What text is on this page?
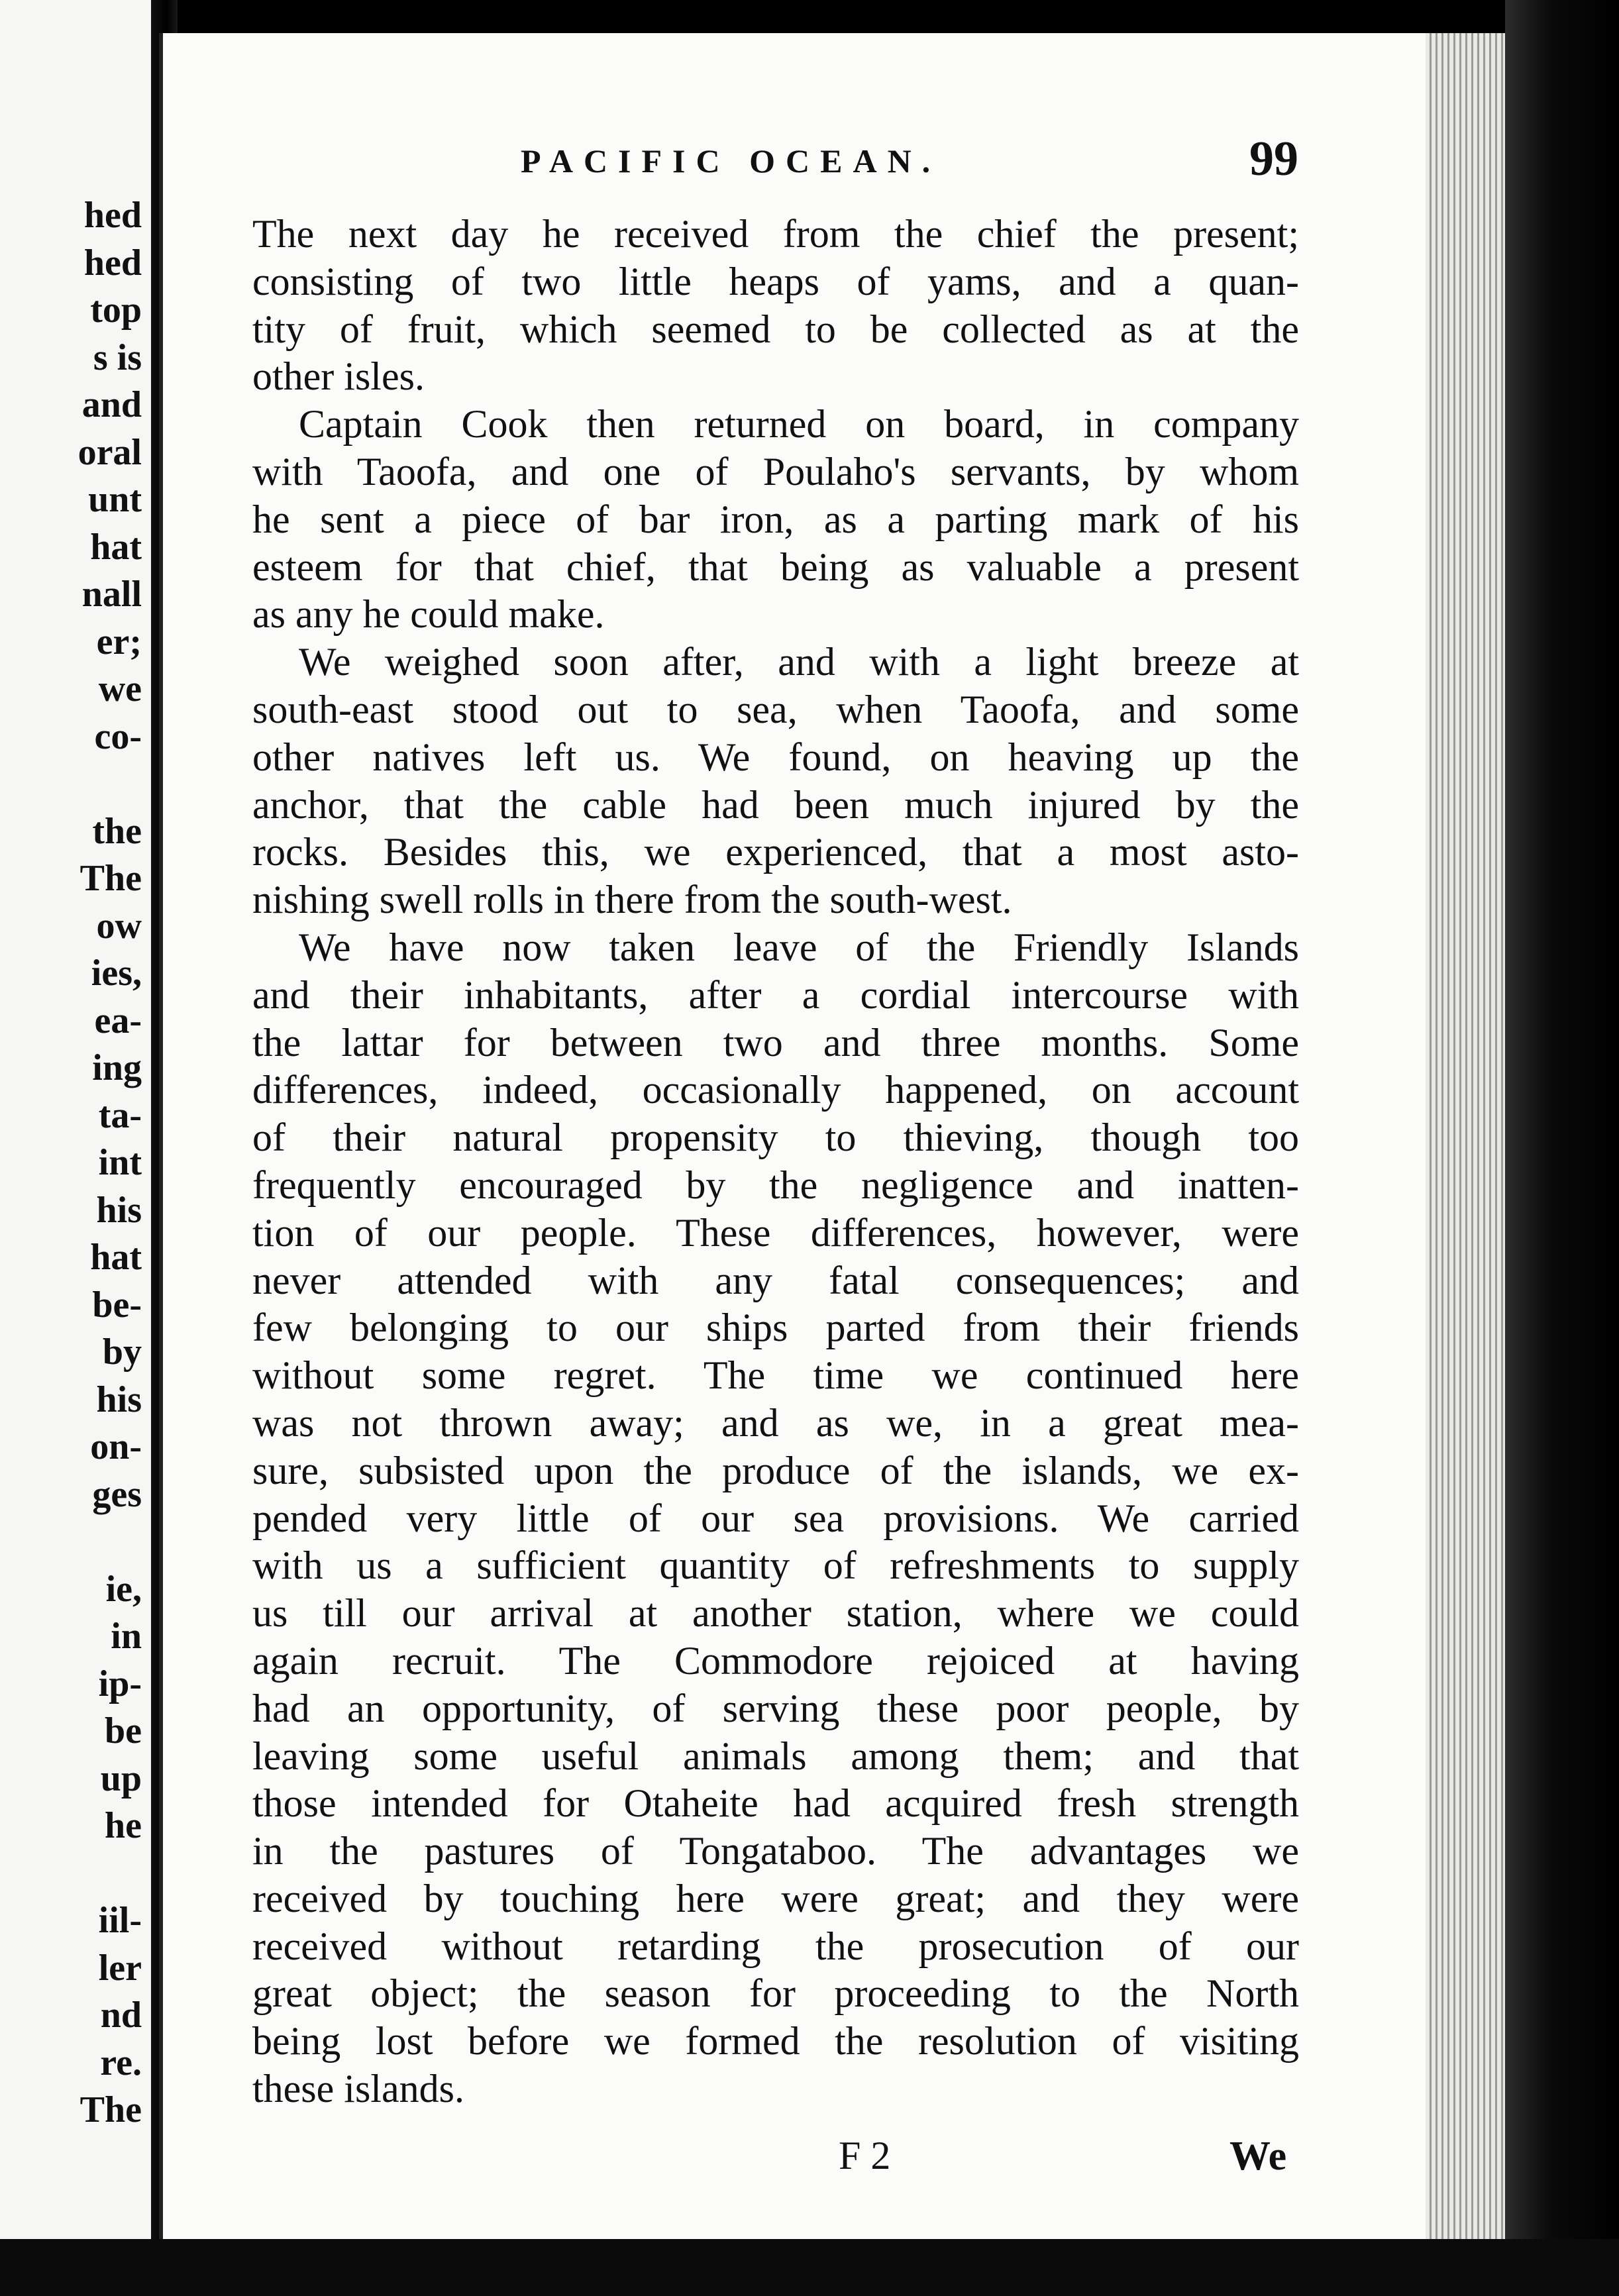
hed
hed
top
s is
and
oral
unt
hat
nall
er;
we
co-
the
The
ow
ies,
ea-
ing
ta-
int
his
hat
be-
by
his
on-
ges
ie,
in
ip-
be
up
he
iil-
ler
nd
re.
The
PACIFIC OCEAN.	99

The next day he received from the chief the present;
consisting of two little heaps of yams, and a quan-
tity of fruit, which seemed to be collected as at the
other isles.

Captain Cook then returned on board, in company
with Taoofa, and one of Poulaho's servants, by whom
he sent a piece of bar iron, as a parting mark of his
esteem for that chief, that being as valuable a present
as any he could make.

We weighed soon after, and with a light breeze at
south-east stood out to sea, when Taoofa, and some
other natives left us. We found, on heaving up the
anchor, that the cable had been much injured by the
rocks. Besides this, we experienced, that a most asto-
nishing swell rolls in there from the south-west.

We have now taken leave of the Friendly Islands
and their inhabitants, after a cordial intercourse with
the lattar for between two and three months. Some
differences, indeed, occasionally happened, on account
of their natural propensity to thieving, though too
frequently encouraged by the negligence and inatten-
tion of our people. These differences, however, were
never attended with any fatal consequences; and
few belonging to our ships parted from their friends
without some regret. The time we continued here
was not thrown away; and as we, in a great mea-
sure, subsisted upon the produce of the islands, we ex-
pended very little of our sea provisions. We carried
with us a sufficient quantity of refreshments to supply
us till our arrival at another station, where we could
again recruit. The Commodore rejoiced at having
had an opportunity, of serving these poor people, by
leaving some useful animals among them; and that
those intended for Otaheite had acquired fresh strength
in the pastures of Tongataboo. The advantages we
received by touching here were great; and they were
received without retarding the prosecution of our
great object; the season for proceeding to the North
being lost before we formed the resolution of visiting
these islands.

F 2	We
